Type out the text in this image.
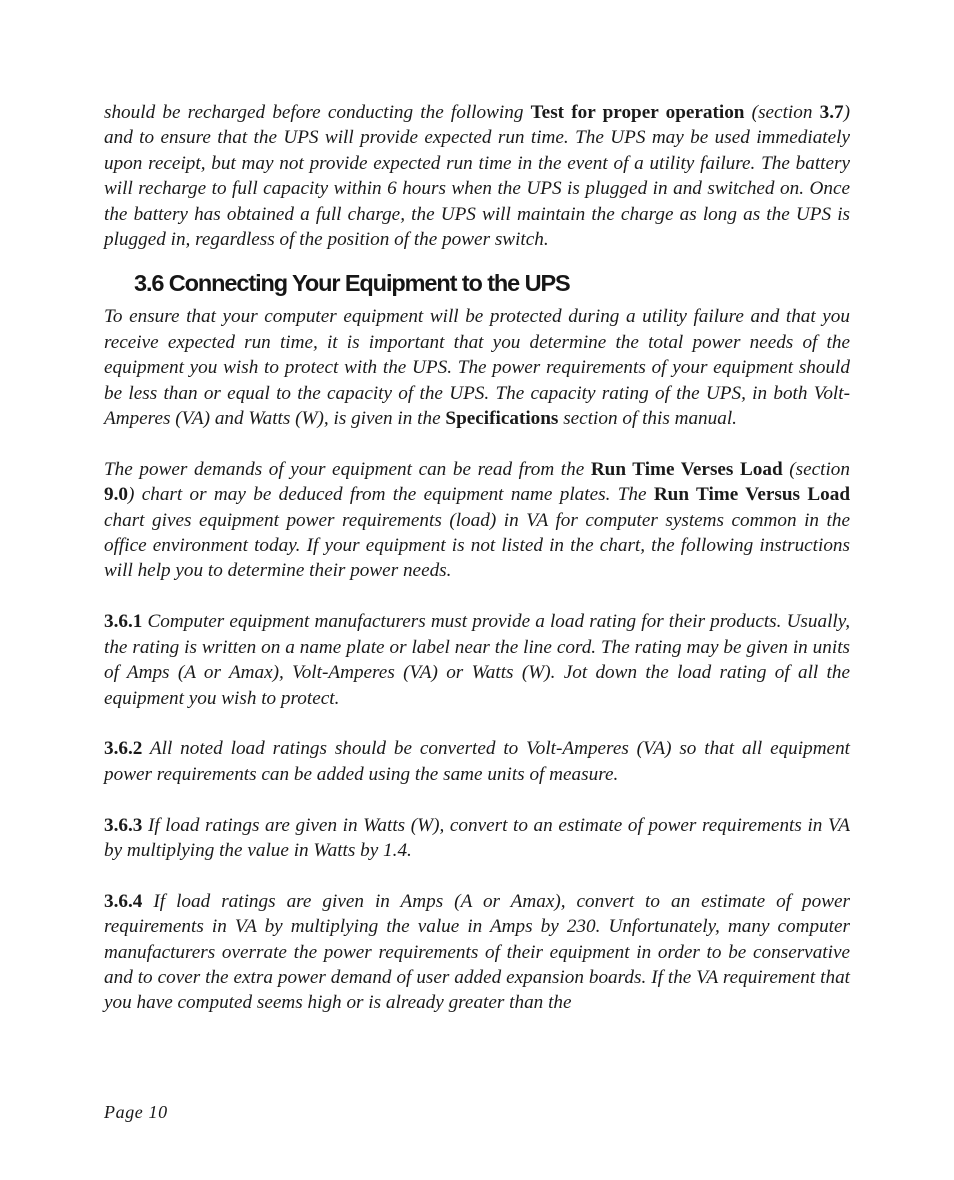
should be recharged before conducting the following Test for proper operation (section 3.7) and to ensure that the UPS will provide expected run time. The UPS may be used immediately upon receipt, but may not provide expected run time in the event of a utility failure. The battery will recharge to full capacity within 6 hours when the UPS is plugged in and switched on. Once the battery has obtained a full charge, the UPS will maintain the charge as long as the UPS is plugged in, regardless of the position of the power switch.

3.6 Connecting Your Equipment to the UPS

To ensure that your computer equipment will be protected during a utility failure and that you receive expected run time, it is important that you determine the total power needs of the equipment you wish to protect with the UPS. The power requirements of your equipment should be less than or equal to the capacity of the UPS. The capacity rating of the UPS, in both Volt-Amperes (VA) and Watts (W), is given in the Specifications section of this manual.

The power demands of your equipment can be read from the Run Time Verses Load (section 9.0) chart or may be deduced from the equipment name plates. The Run Time Versus Load chart gives equipment power requirements (load) in VA for computer systems common in the office environment today. If your equipment is not listed in the chart, the following instructions will help you to determine their power needs.

3.6.1 Computer equipment manufacturers must provide a load rating for their products. Usually, the rating is written on a name plate or label near the line cord. The rating may be given in units of Amps (A or Amax), Volt-Amperes (VA) or Watts (W). Jot down the load rating of all the equipment you wish to protect.

3.6.2 All noted load ratings should be converted to Volt-Amperes (VA) so that all equipment power requirements can be added using the same units of measure.

3.6.3 If load ratings are given in Watts (W), convert to an estimate of power requirements in VA by multiplying the value in Watts by 1.4.

3.6.4 If load ratings are given in Amps (A or Amax), convert to an estimate of power requirements in VA by multiplying the value in Amps by 230. Unfortunately, many computer manufacturers overrate the power requirements of their equipment in order to be conservative and to cover the extra power demand of user added expansion boards. If the VA requirement that you have computed seems high or is already greater than the

Page 10
